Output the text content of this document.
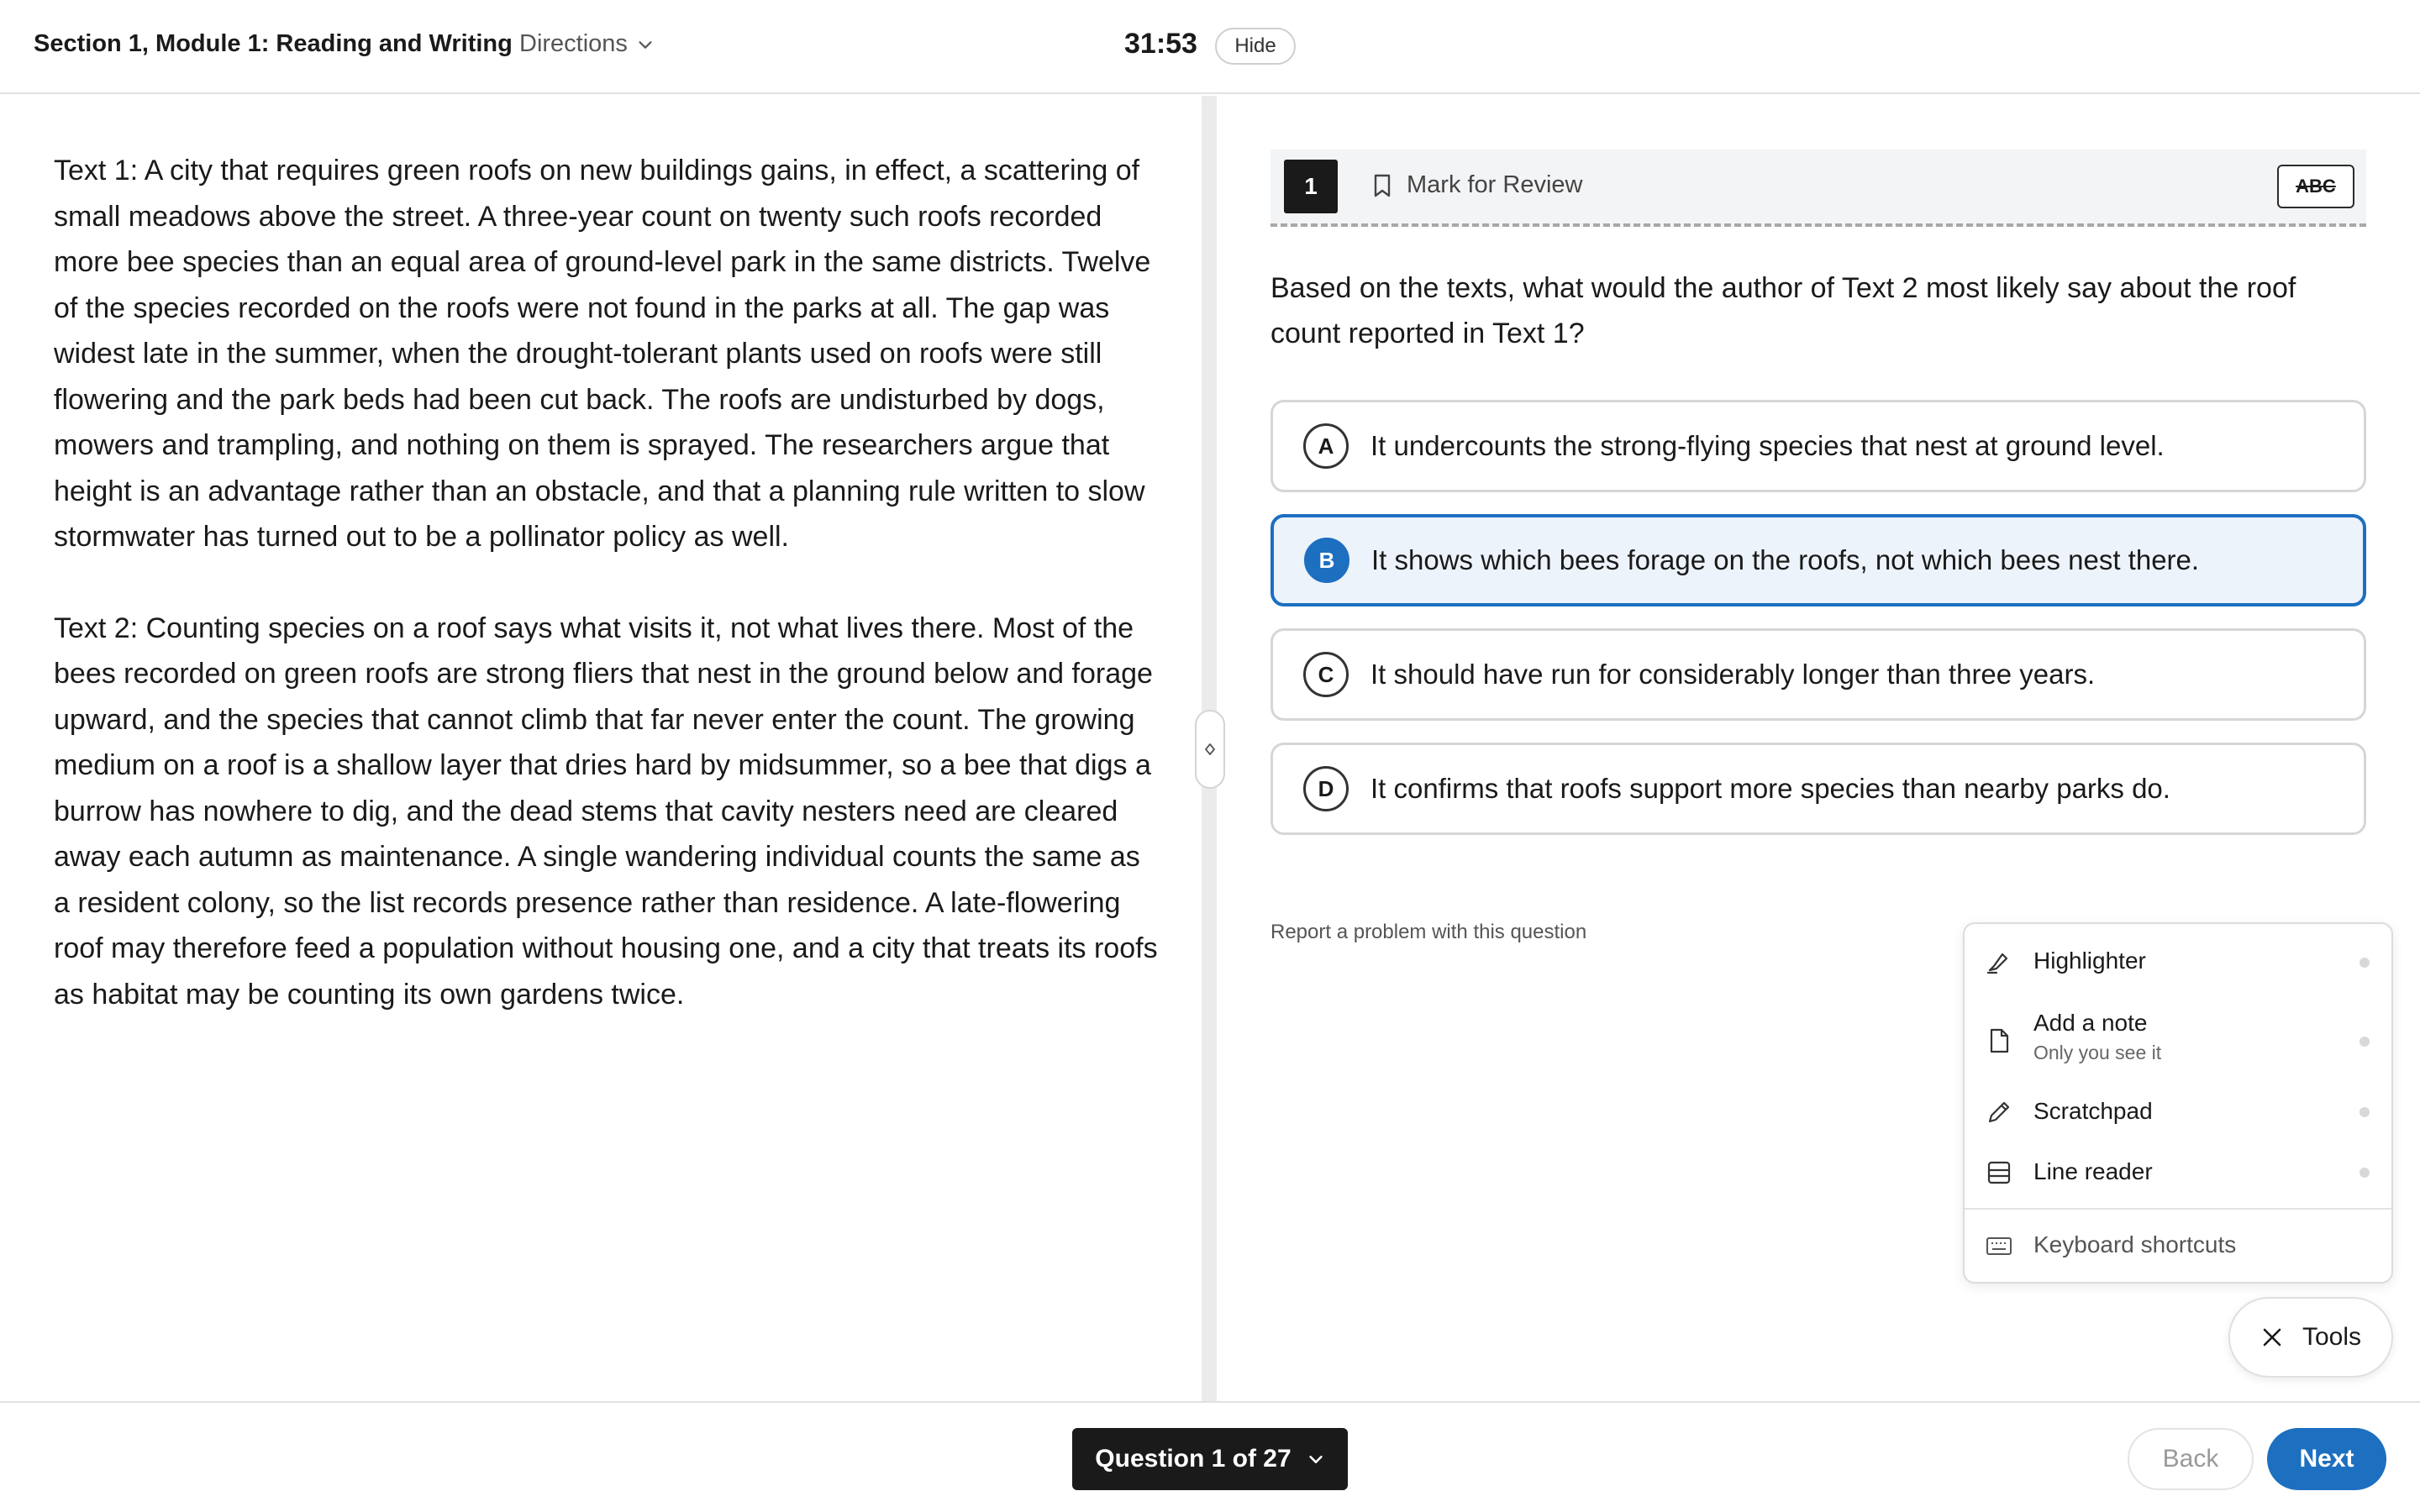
Section 1, Module 1: Reading and Writing Directions	31:53	Hide

Text 1: A city that requires green roofs on new buildings gains, in effect, a scattering of small meadows above the street. A three-year count on twenty such roofs recorded more bee species than an equal area of ground-level park in the same districts. Twelve of the species recorded on the roofs were not found in the parks at all. The gap was widest late in the summer, when the drought-tolerant plants used on roofs were still flowering and the park beds had been cut back. The roofs are undisturbed by dogs, mowers and trampling, and nothing on them is sprayed. The researchers argue that height is an advantage rather than an obstacle, and that a planning rule written to slow stormwater has turned out to be a pollinator policy as well.

Text 2: Counting species on a roof says what visits it, not what lives there. Most of the bees recorded on green roofs are strong fliers that nest in the ground below and forage upward, and the species that cannot climb that far never enter the count. The growing medium on a roof is a shallow layer that dries hard by midsummer, so a bee that digs a burrow has nowhere to dig, and the dead stems that cavity nesters need are cleared away each autumn as maintenance. A single wandering individual counts the same as a resident colony, so the list records presence rather than residence. A late-flowering roof may therefore feed a population without housing one, and a city that treats its roofs as habitat may be counting its own gardens twice.

1	Mark for Review	ABC
Based on the texts, what would the author of Text 2 most likely say about the roof count reported in Text 1?
A	It undercounts the strong-flying species that nest at ground level.
B	It shows which bees forage on the roofs, not which bees nest there.
C	It should have run for considerably longer than three years.
D	It confirms that roofs support more species than nearby parks do.
Report a problem with this question
Highlighter
Add a note
Only you see it
Scratchpad
Line reader
Keyboard shortcuts
Tools
Question 1 of 27	Back	Next
